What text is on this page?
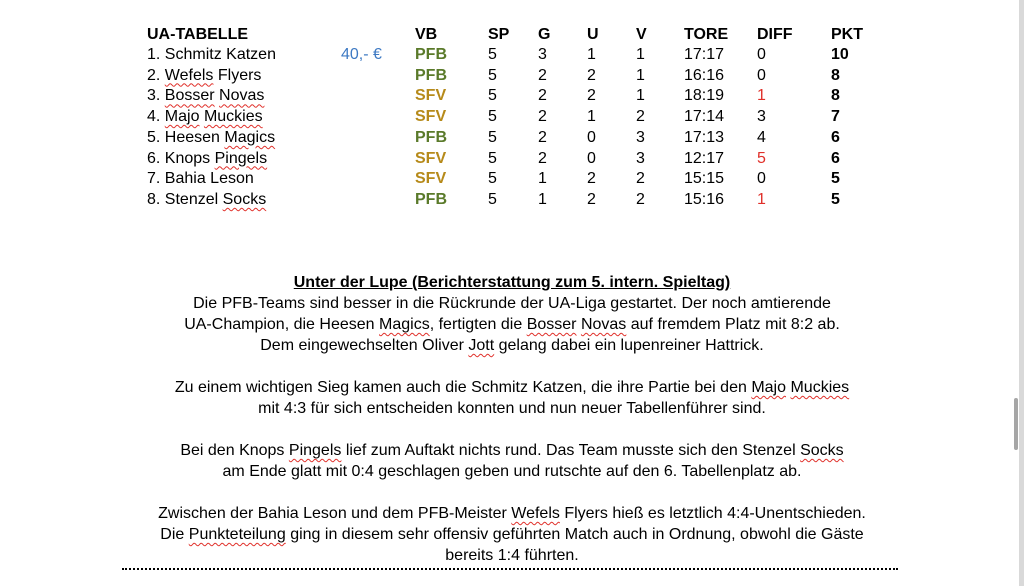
UA-TABELLE	VB	SP G U V TORE DIFF PKT
1. Schmitz Katzen	40,- € PFB	5	3	1	1 17:17 0	10
2. Wefels Flyers	PFB	5	2	2	1 16:16 0	8
3. Bosser Novas	SFV	5	2	2	1 18:19 1	8
4. Majo Muckies	SFV	5	2	1	2 17:14 3	7
5. Heesen Magics	PFB	5	2	0	3 17:13 4	6
6. Knops Pingels	SFV	5	2	0	3 12:17 5	6
7. Bahia Leson	SFV	5	1	2	2 15:15 0	5
8. Stenzel Socks	PFB	5	1	2	2 15:16 1	5
Unter der Lupe (Berichterstattung zum 5. intern. Spieltag)
Die PFB-Teams sind besser in die Rückrunde der UA-Liga gestartet. Der noch amtierende
UA-Champion, die Heesen Magics, fertigten die Bosser Novas auf fremdem Platz mit 8:2 ab.
Dem eingewechselten Oliver Jott gelang dabei ein lupenreiner Hattrick.
Zu einem wichtigen Sieg kamen auch die Schmitz Katzen, die ihre Partie bei den Majo Muckies
mit 4:3 für sich entscheiden konnten und nun neuer Tabellenführer sind.
Bei den Knops Pingels lief zum Auftakt nichts rund. Das Team musste sich den Stenzel Socks
am Ende glatt mit 0:4 geschlagen geben und rutschte auf den 6. Tabellenplatz ab.
Zwischen der Bahia Leson und dem PFB-Meister Wefels Flyers hieß es letztlich 4:4-Unentschieden.
Die Punkteteilung ging in diesem sehr offensiv geführten Match auch in Ordnung, obwohl die Gäste
bereits 1:4 führten.
